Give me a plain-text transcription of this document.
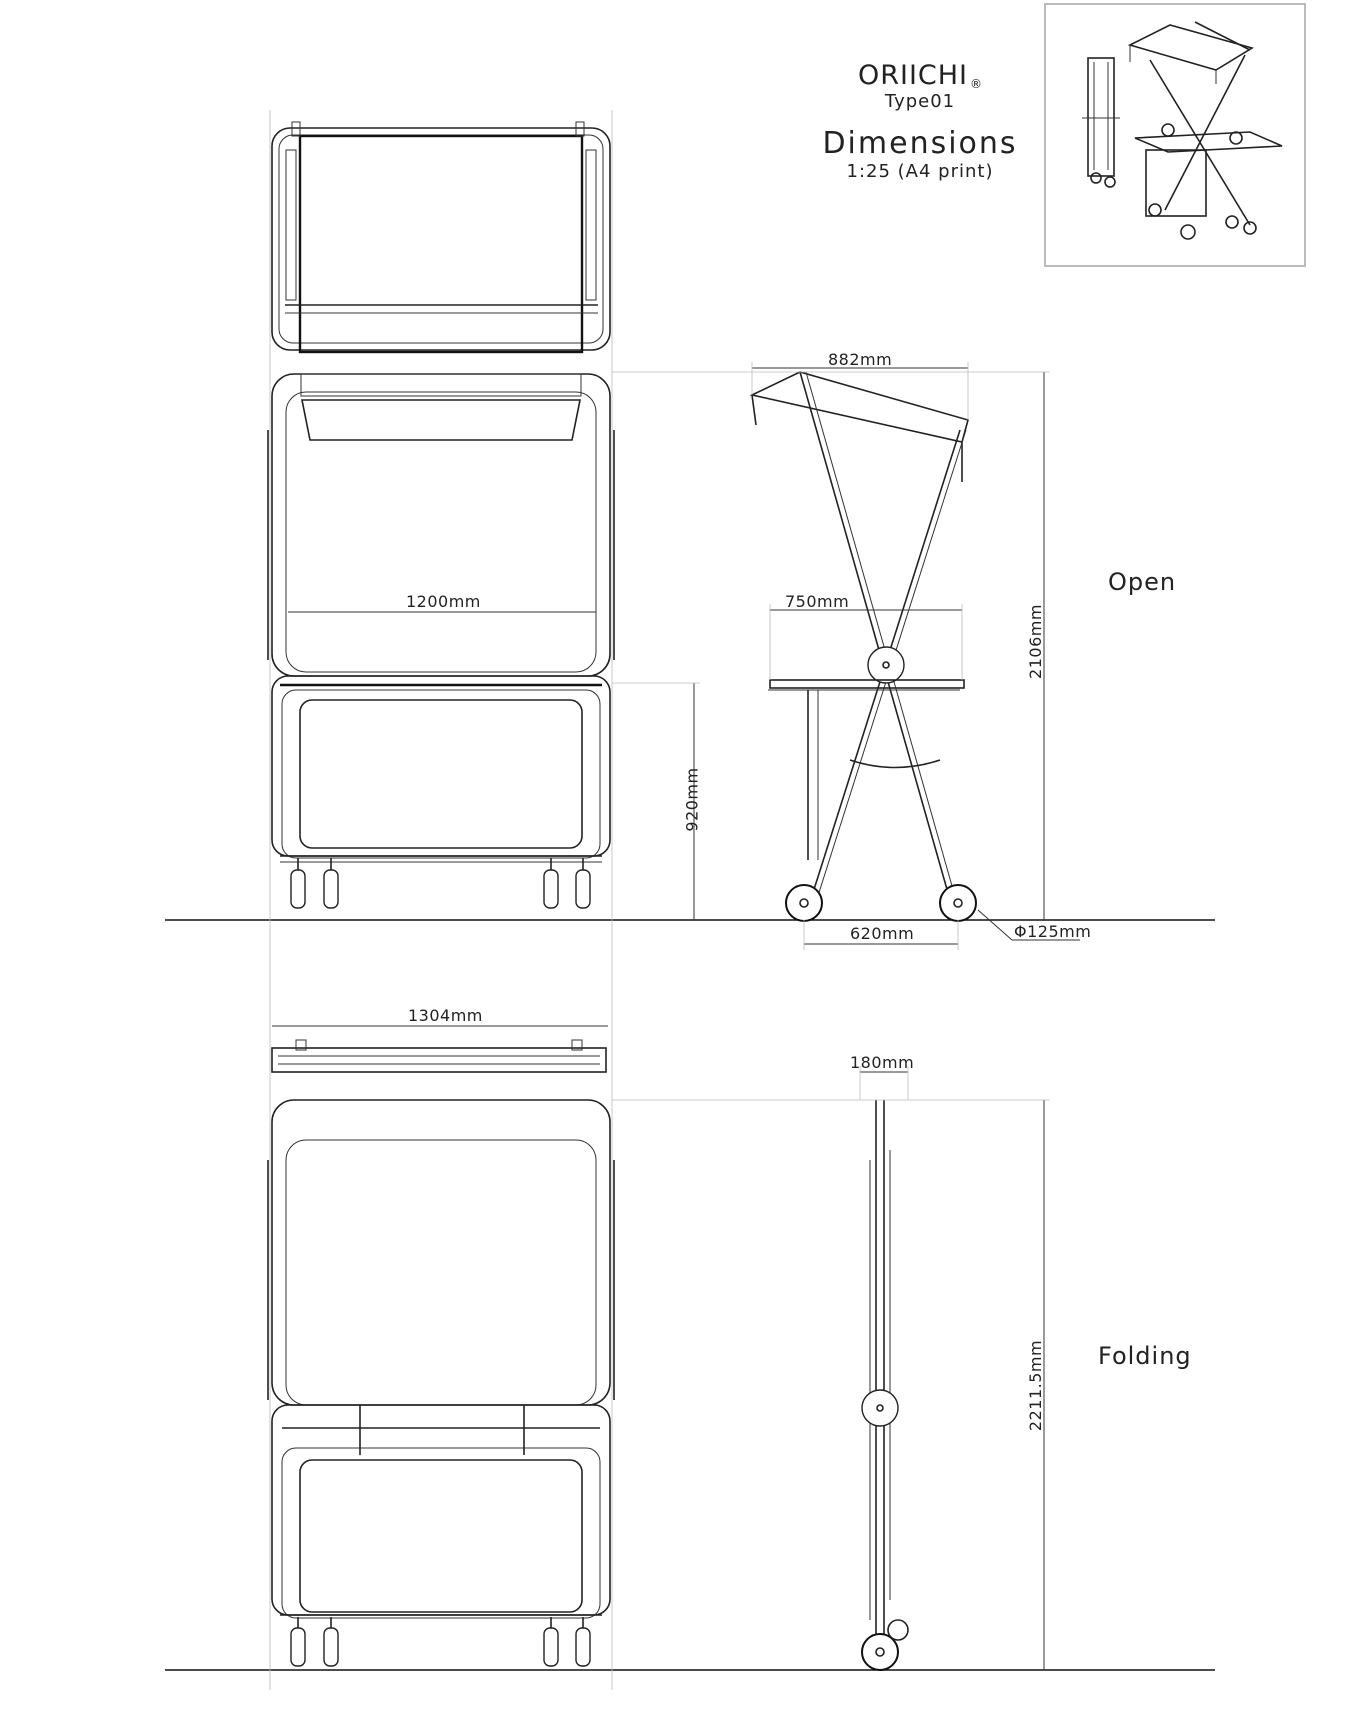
ORIICHI $_®$
Type01
Dimensions
1:25 (A4 print)
Open
Folding
882mm
750mm
2106mm
920mm
620mm	Φ125mm
1200mm
1304mm
180mm
2211.5mm
